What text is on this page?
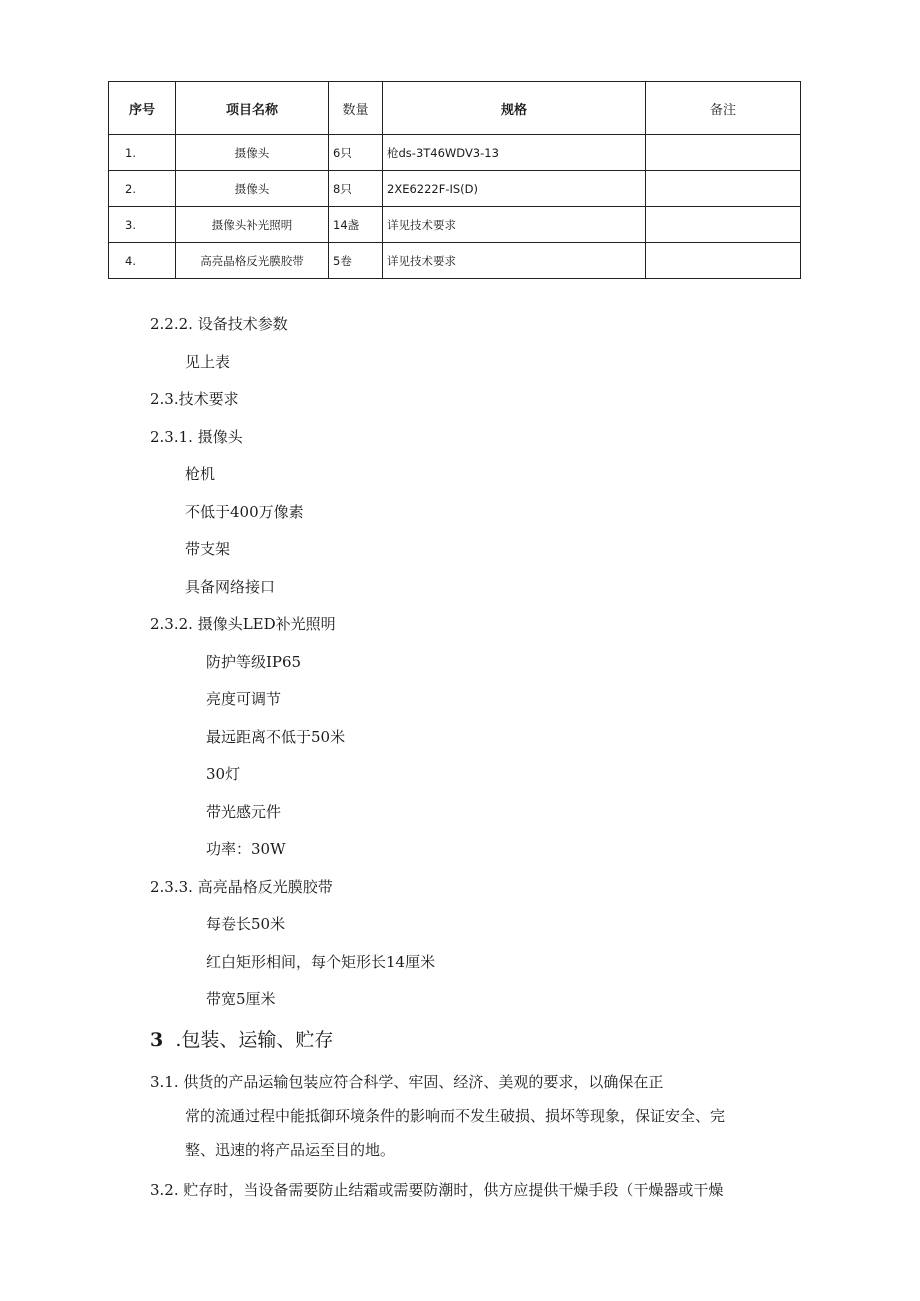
序号	项目名称	数量	规格	备注
1.	摄像头	6只	枪ds-3T46WDV3-13	
2.	摄像头	8只	2XE6222F-IS(D)	
3.	摄像头补光照明	14盏	详见技术要求	
4.	高亮晶格反光膜胶带	5卷	详见技术要求	
2.2.2. 设备技术参数
见上表
2.3.技术要求
2.3.1. 摄像头
枪机
不低于400万像素
带支架
具备网络接口
2.3.2. 摄像头LED补光照明
防护等级IP65
亮度可调节
最远距离不低于50米
30灯
带光感元件
功率：30W
2.3.3. 高亮晶格反光膜胶带
每卷长50米
红白矩形相间，每个矩形长14厘米
带宽5厘米
3 .包装、运输、贮存
3.1. 供货的产品运输包装应符合科学、牢固、经济、美观的要求，以确保在正
常的流通过程中能抵御环境条件的影响而不发生破损、损坏等现象，保证安全、完
整、迅速的将产品运至目的地。
3.2. 贮存时，当设备需要防止结霜或需要防潮时，供方应提供干燥手段（干燥器或干燥
